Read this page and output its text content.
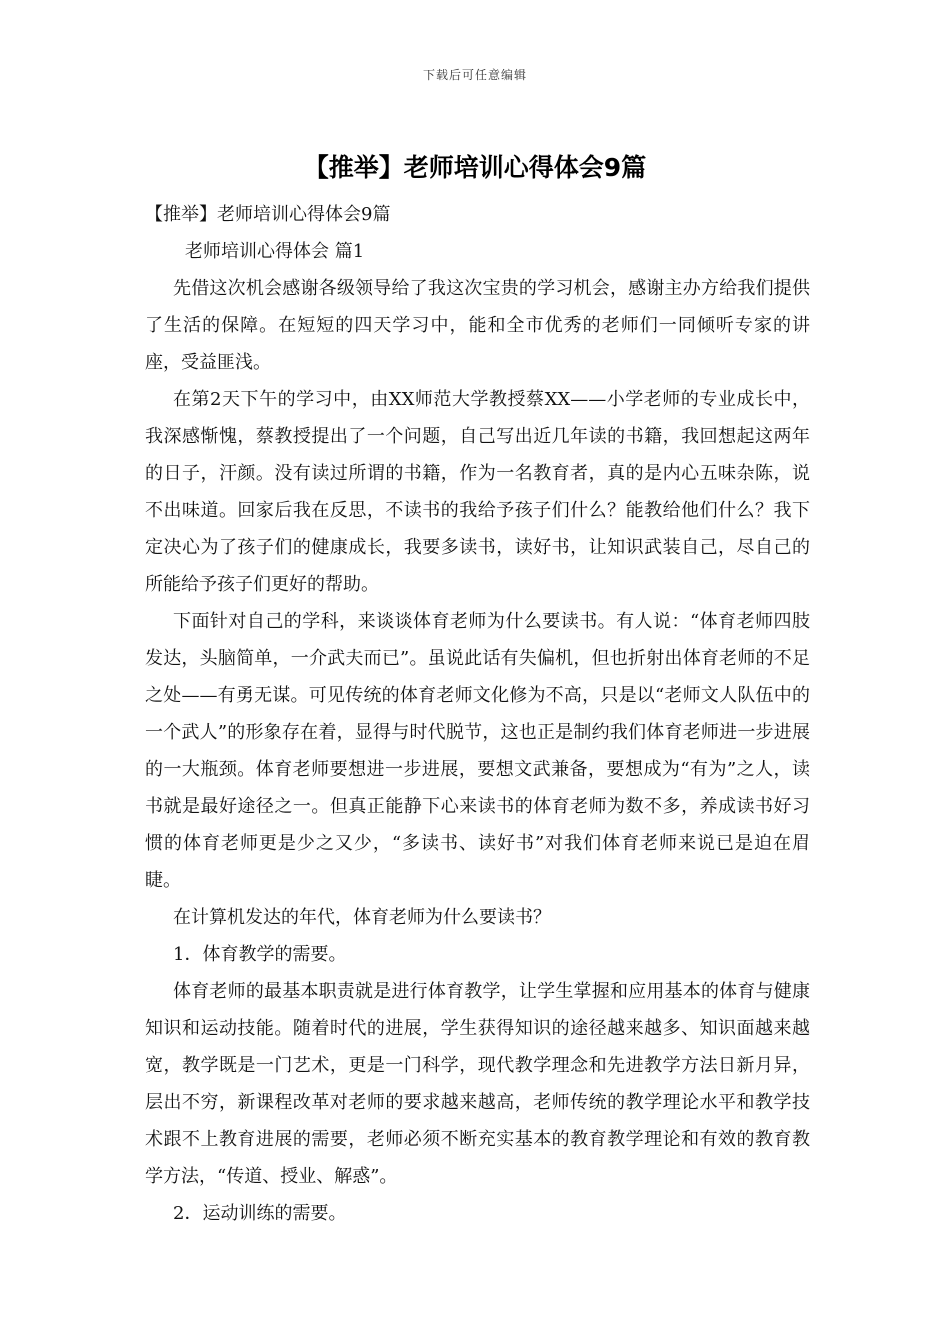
下载后可任意编辑
【推举】老师培训心得体会9篇

【推举】老师培训心得体会9篇

老师培训心得体会 篇1

先借这次机会感谢各级领导给了我这次宝贵的学习机会，感谢主办方给我们提供了生活的保障。在短短的四天学习中，能和全市优秀的老师们一同倾听专家的讲座，受益匪浅。

在第2天下午的学习中，由XX师范大学教授蔡XX——小学老师的专业成长中，我深感惭愧，蔡教授提出了一个问题，自己写出近几年读的书籍，我回想起这两年的日子，汗颜。没有读过所谓的书籍，作为一名教育者，真的是内心五味杂陈，说不出味道。回家后我在反思，不读书的我给予孩子们什么？能教给他们什么？我下定决心为了孩子们的健康成长，我要多读书，读好书，让知识武装自己，尽自己的所能给予孩子们更好的帮助。

下面针对自己的学科，来谈谈体育老师为什么要读书。有人说：“体育老师四肢发达，头脑简单，一介武夫而已”。虽说此话有失偏机，但也折射出体育老师的不足之处——有勇无谋。可见传统的体育老师文化修为不高，只是以“老师文人队伍中的一个武人”的形象存在着，显得与时代脱节，这也正是制约我们体育老师进一步进展的一大瓶颈。体育老师要想进一步进展，要想文武兼备，要想成为“有为”之人，读书就是最好途径之一。但真正能静下心来读书的体育老师为数不多，养成读书好习惯的体育老师更是少之又少，“多读书、读好书”对我们体育老师来说已是迫在眉睫。

在计算机发达的年代，体育老师为什么要读书？

1．体育教学的需要。

体育老师的最基本职责就是进行体育教学，让学生掌握和应用基本的体育与健康知识和运动技能。随着时代的进展，学生获得知识的途径越来越多、知识面越来越宽，教学既是一门艺术，更是一门科学，现代教学理念和先进教学方法日新月异，层出不穷，新课程改革对老师的要求越来越高，老师传统的教学理论水平和教学技术跟不上教育进展的需要，老师必须不断充实基本的教育教学理论和有效的教育教学方法，“传道、授业、解惑”。

2．运动训练的需要。
